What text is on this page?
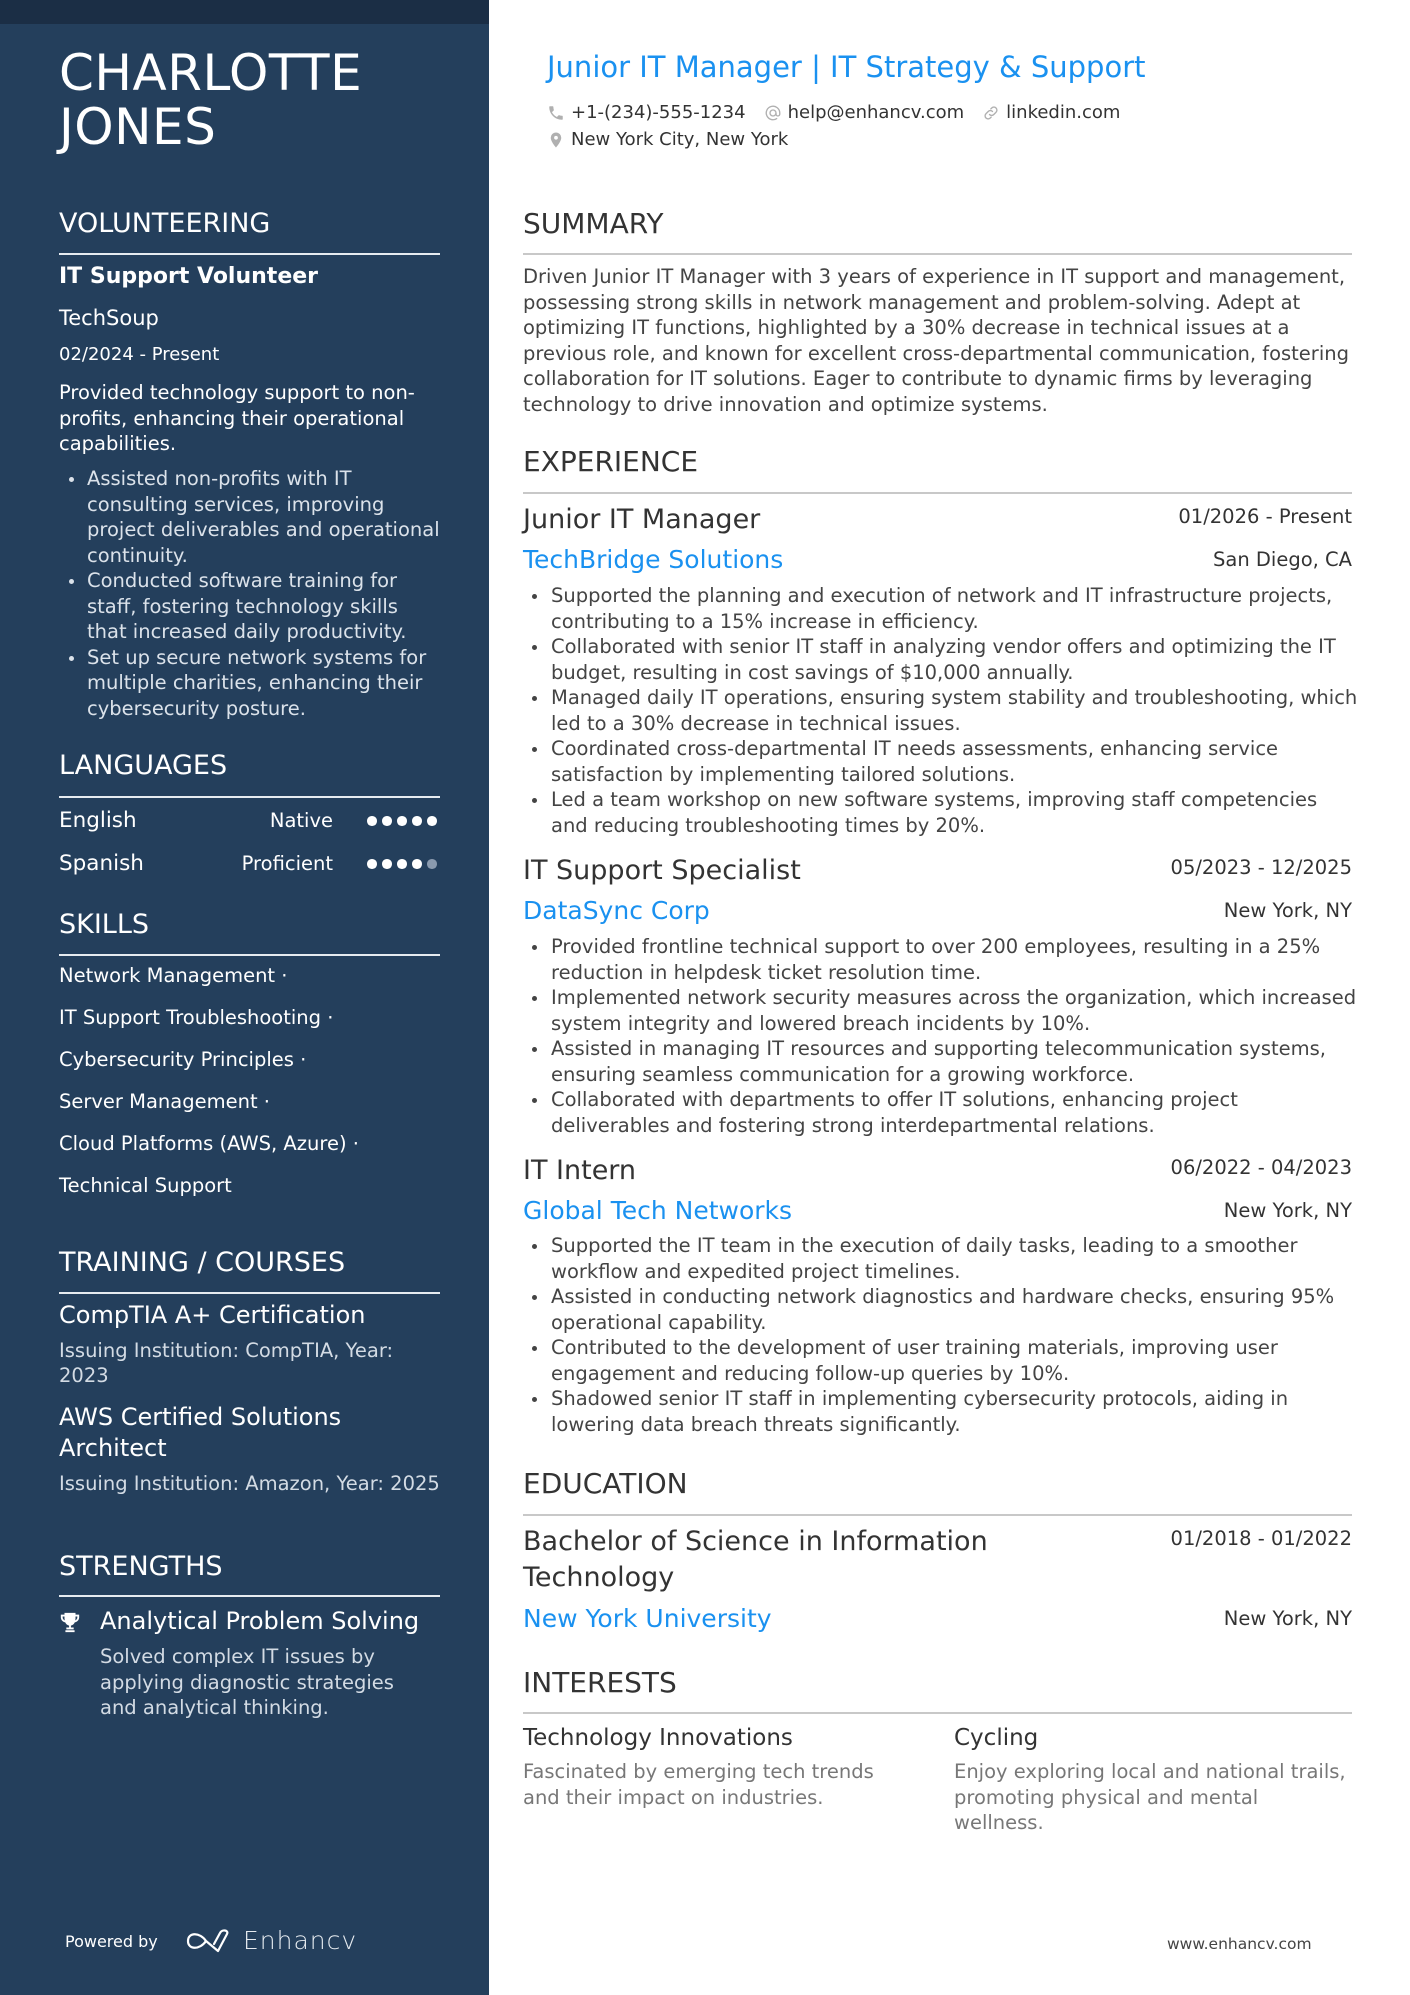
CHARLOTTE
JONES
VOLUNTEERING
IT Support Volunteer
TechSoup
02/2024 - Present

Provided technology support to non-profits, enhancing their operational capabilities.

Assisted non-profits with IT consulting services, improving project deliverables and operational continuity.
Conducted software training for staff, fostering technology skills that increased daily productivity.
Set up secure network systems for multiple charities, enhancing their cybersecurity posture.
LANGUAGES
English	Native
Spanish	Proficient
SKILLS
Network Management ·
IT Support Troubleshooting ·
Cybersecurity Principles ·
Server Management ·
Cloud Platforms (AWS, Azure) ·
Technical Support
TRAINING / COURSES
CompTIA A+ Certification
Issuing Institution: CompTIA, Year: 2023
AWS Certified Solutions Architect
Issuing Institution: Amazon, Year: 2025
STRENGTHS
Analytical Problem Solving

Solved complex IT issues by applying diagnostic strategies and analytical thinking.

Powered by	Enhancv
Junior IT Manager | IT Strategy & Support
+1-(234)-555-1234 help@enhancv.com linkedin.com
New York City, New York
SUMMARY

Driven Junior IT Manager with 3 years of experience in IT support and management, possessing strong skills in network management and problem-solving. Adept at optimizing IT functions, highlighted by a 30% decrease in technical issues at a previous role, and known for excellent cross-departmental communication, fostering collaboration for IT solutions. Eager to contribute to dynamic firms by leveraging technology to drive innovation and optimize systems.

EXPERIENCE
Junior IT Manager	01/2026 - Present
TechBridge Solutions	San Diego, CA
Supported the planning and execution of network and IT infrastructure projects, contributing to a 15% increase in efficiency.
Collaborated with senior IT staff in analyzing vendor offers and optimizing the IT budget, resulting in cost savings of $10,000 annually.
Managed daily IT operations, ensuring system stability and troubleshooting, which led to a 30% decrease in technical issues.
Coordinated cross-departmental IT needs assessments, enhancing service satisfaction by implementing tailored solutions.
Led a team workshop on new software systems, improving staff competencies and reducing troubleshooting times by 20%.
IT Support Specialist	05/2023 - 12/2025
DataSync Corp	New York, NY
Provided frontline technical support to over 200 employees, resulting in a 25% reduction in helpdesk ticket resolution time.
Implemented network security measures across the organization, which increased system integrity and lowered breach incidents by 10%.
Assisted in managing IT resources and supporting telecommunication systems, ensuring seamless communication for a growing workforce.
Collaborated with departments to offer IT solutions, enhancing project deliverables and fostering strong interdepartmental relations.
IT Intern	06/2022 - 04/2023
Global Tech Networks	New York, NY
Supported the IT team in the execution of daily tasks, leading to a smoother workflow and expedited project timelines.
Assisted in conducting network diagnostics and hardware checks, ensuring 95% operational capability.
Contributed to the development of user training materials, improving user engagement and reducing follow-up queries by 10%.
Shadowed senior IT staff in implementing cybersecurity protocols, aiding in lowering data breach threats significantly.
EDUCATION
Bachelor of Science in Information Technology
01/2018 - 01/2022
New York University	New York, NY
INTERESTS
Technology Innovations
Fascinated by emerging tech trends and their impact on industries.
Cycling
Enjoy exploring local and national trails, promoting physical and mental wellness.
www.enhancv.com
